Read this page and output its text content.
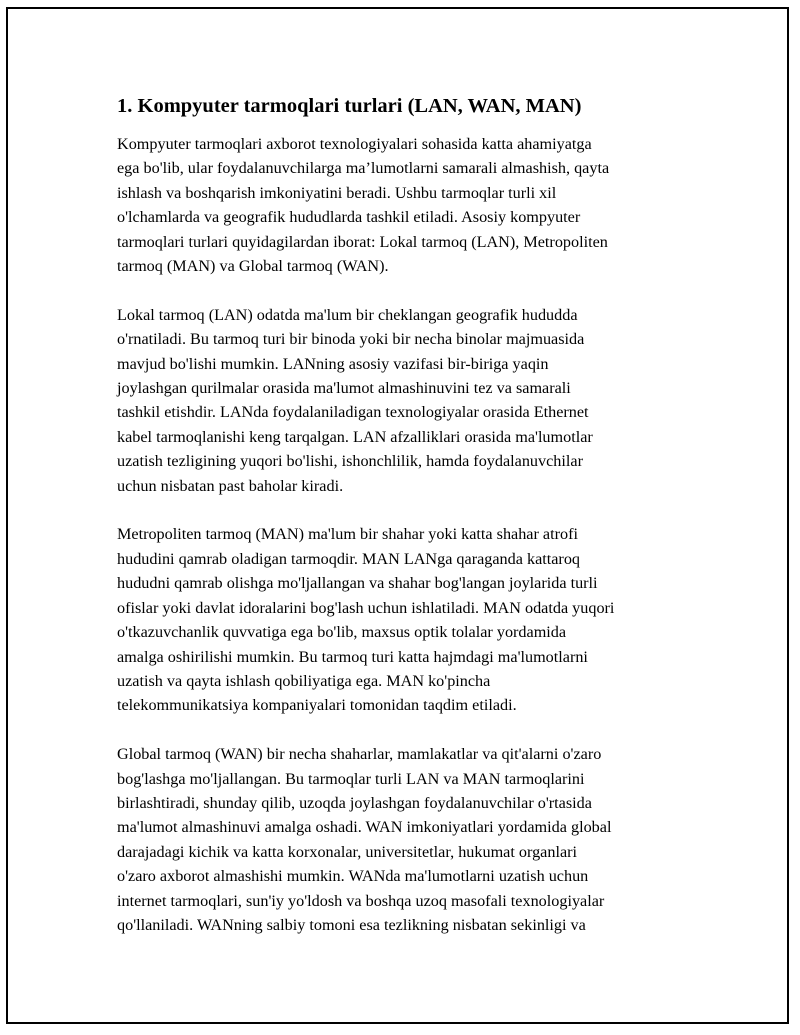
1. Kompyuter tarmoqlari turlari (LAN, WAN, MAN)

Kompyuter tarmoqlari axborot texnologiyalari sohasida katta ahamiyatga
ega bo'lib, ular foydalanuvchilarga ma’lumotlarni samarali almashish, qayta
ishlash va boshqarish imkoniyatini beradi. Ushbu tarmoqlar turli xil
o'lchamlarda va geografik hududlarda tashkil etiladi. Asosiy kompyuter
tarmoqlari turlari quyidagilardan iborat: Lokal tarmoq (LAN), Metropoliten
tarmoq (MAN) va Global tarmoq (WAN).

Lokal tarmoq (LAN) odatda ma'lum bir cheklangan geografik hududda
o'rnatiladi. Bu tarmoq turi bir binoda yoki bir necha binolar majmuasida
mavjud bo'lishi mumkin. LANning asosiy vazifasi bir-biriga yaqin
joylashgan qurilmalar orasida ma'lumot almashinuvini tez va samarali
tashkil etishdir. LANda foydalaniladigan texnologiyalar orasida Ethernet
kabel tarmoqlanishi keng tarqalgan. LAN afzalliklari orasida ma'lumotlar
uzatish tezligining yuqori bo'lishi, ishonchlilik, hamda foydalanuvchilar
uchun nisbatan past baholar kiradi.

Metropoliten tarmoq (MAN) ma'lum bir shahar yoki katta shahar atrofi
hududini qamrab oladigan tarmoqdir. MAN LANga qaraganda kattaroq
hududni qamrab olishga mo'ljallangan va shahar bog'langan joylarida turli
ofislar yoki davlat idoralarini bog'lash uchun ishlatiladi. MAN odatda yuqori
o'tkazuvchanlik quvvatiga ega bo'lib, maxsus optik tolalar yordamida
amalga oshirilishi mumkin. Bu tarmoq turi katta hajmdagi ma'lumotlarni
uzatish va qayta ishlash qobiliyatiga ega. MAN ko'pincha
telekommunikatsiya kompaniyalari tomonidan taqdim etiladi.

Global tarmoq (WAN) bir necha shaharlar, mamlakatlar va qit'alarni o'zaro
bog'lashga mo'ljallangan. Bu tarmoqlar turli LAN va MAN tarmoqlarini
birlashtiradi, shunday qilib, uzoqda joylashgan foydalanuvchilar o'rtasida
ma'lumot almashinuvi amalga oshadi. WAN imkoniyatlari yordamida global
darajadagi kichik va katta korxonalar, universitetlar, hukumat organlari
o'zaro axborot almashishi mumkin. WANda ma'lumotlarni uzatish uchun
internet tarmoqlari, sun'iy yo'ldosh va boshqa uzoq masofali texnologiyalar
qo'llaniladi. WANning salbiy tomoni esa tezlikning nisbatan sekinligi va
